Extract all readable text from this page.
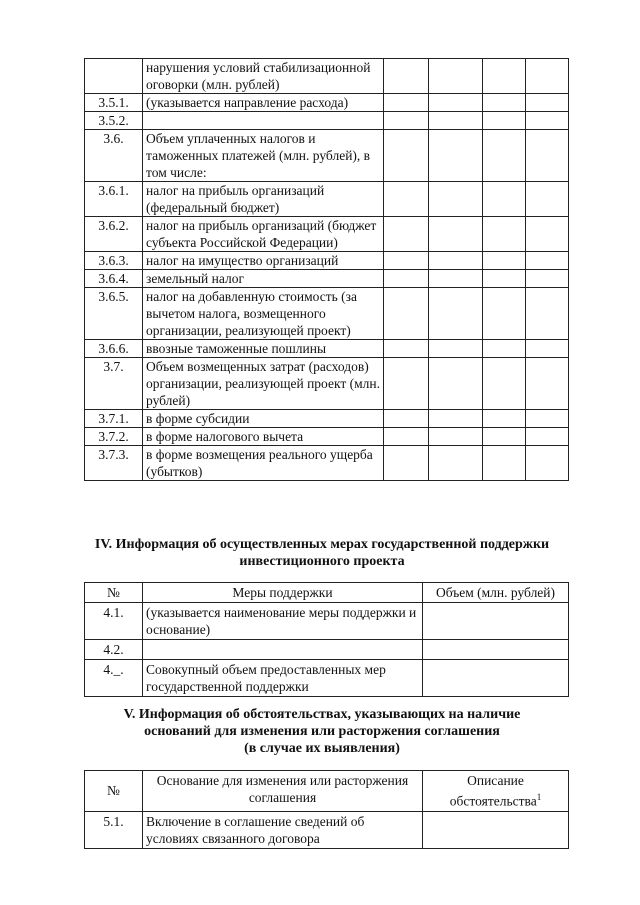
	нарушения условий стабилизационной оговорки (млн. рублей)				
3.5.1.	(указывается направление расхода)				
3.5.2.					
3.6.	Объем уплаченных налогов и таможенных платежей (млн. рублей), в том числе:				
3.6.1.	налог на прибыль организаций (федеральный бюджет)				
3.6.2.	налог на прибыль организаций (бюджет субъекта Российской Федерации)				
3.6.3.	налог на имущество организаций				
3.6.4.	земельный налог				
3.6.5.	налог на добавленную стоимость (за вычетом налога, возмещенного организации, реализующей проект)				
3.6.6.	ввозные таможенные пошлины				
3.7.	Объем возмещенных затрат (расходов) организации, реализующей проект (млн. рублей)				
3.7.1.	в форме субсидии				
3.7.2.	в форме налогового вычета				
3.7.3.	в форме возмещения реального ущерба (убытков)				
IV. Информация об осуществленных мерах государственной поддержки
инвестиционного проекта
№	Меры поддержки	Объем (млн. рублей)
4.1.	(указывается наименование меры поддержки и основание)	
4.2.		
4._.	Совокупный объем предоставленных мер государственной поддержки	
V. Информация об обстоятельствах, указывающих на наличие
оснований для изменения или расторжения соглашения
(в случае их выявления)
№	Основание для изменения или расторжения соглашения	Описание обстоятельства$^1$
5.1.	Включение в соглашение сведений об условиях связанного договора	
